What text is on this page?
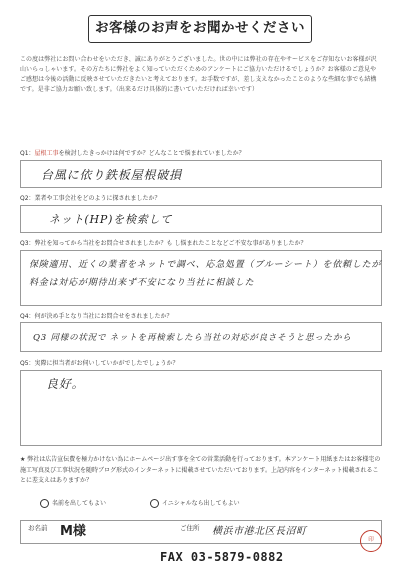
お客様のお声をお聞かせください
この度は弊社にお問い合わせをいただき、誠にありがとうございました。世の中には弊社の存在やサービスをご存知ないお客様が沢山いらっしゃいます。その方たちに弊社をよく知っていただくためのアンケートにご協力いただけるでしょうか？お客様のご意見やご感想は今後の活動に反映させていただきたいと考えております。お手数ですが、差し支えなかったことのような些細な事でも結構です。是非ご協力お願い致します。（出来るだけ具体的に書いていただければ幸いです）
Q1：屋根工事を検討したきっかけは何ですか？どんなことで悩まれていましたか？
台風に依り鉄板屋根破損
Q2：業者や工事会社をどのように探されましたか？
ネット(HP)を検索して
Q3：弊社を知ってから当社をお問合せされましたか？も し悩まれたことなどご不安な事がありましたか？
保険適用、近くの業者をネットで調べ、応急処置（ブルーシート）を依頼したが
料金は対応が期待出来ず不安になり当社に相談した
Q4：何が決め手となり当社にお問合せをされましたか？
Q3 同様の状況で ネットを再検索したら当社の対応が良さそうと思ったから
Q5：実際に担当者がお伺いしていかがでしたでしょうか？
良好。
★ 弊社は広告宣伝費を極力かけない為にホームページ出す事を全ての営業活動を行っております。本アンケート用紙またはお客様宅の施工写真及び工事状況を随時ブログ形式のインターネットに掲載させていただいております。上記内容をインターネット掲載されることに差支えはありますか？
名前を出してもよい	イニシャルなら出してもよい
お名前 M様	ご住所 横浜市港北区長沼町
FAX 03-5879-0882
印
